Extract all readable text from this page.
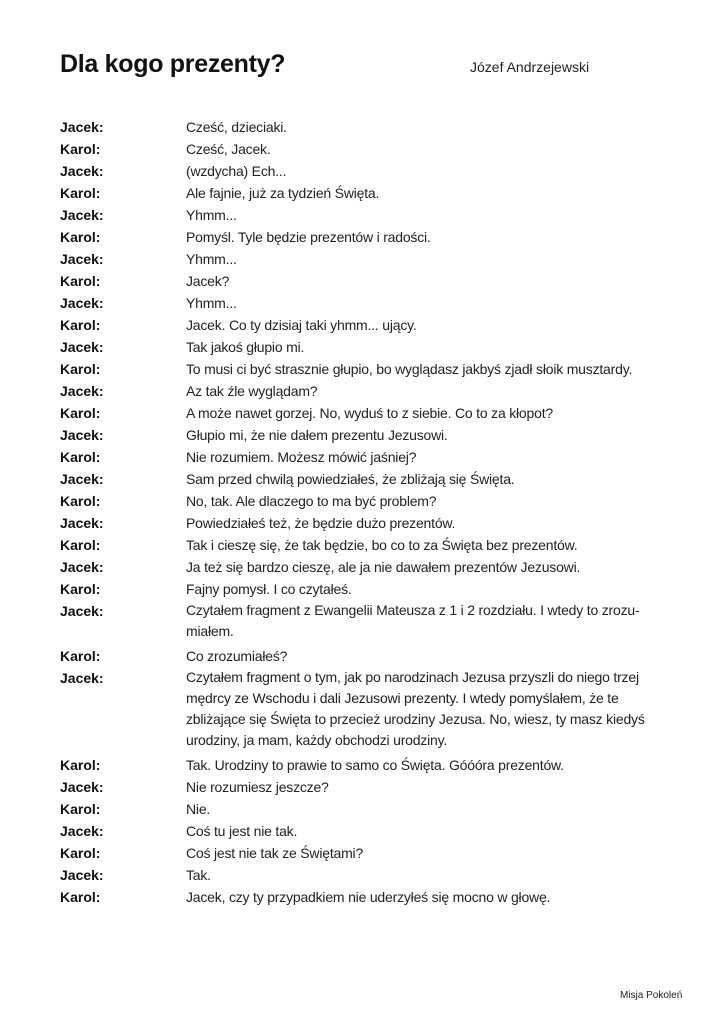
Dla kogo prezenty?	Józef Andrzejewski
Jacek:	Cześć, dzieciaki.
Karol:	Cześć, Jacek.
Jacek:	(wzdycha) Ech...
Karol:	Ale fajnie, już za tydzień Święta.
Jacek:	Yhmm...
Karol:	Pomyśl. Tyle będzie prezentów i radości.
Jacek:	Yhmm...
Karol:	Jacek?
Jacek:	Yhmm...
Karol:	Jacek. Co ty dzisiaj taki yhmm... ujący.
Jacek:	Tak jakoś głupio mi.
Karol:	To musi ci być strasznie głupio, bo wyglądasz jakbyś zjadł słoik musztardy.
Jacek:	Az tak źle wyglądam?
Karol:	A może nawet gorzej. No, wyduś to z siebie. Co to za kłopot?
Jacek:	Głupio mi, że nie dałem prezentu Jezusowi.
Karol:	Nie rozumiem. Możesz mówić jaśniej?
Jacek:	Sam przed chwilą powiedziałeś, że zbliżają się Święta.
Karol:	No, tak. Ale dlaczego to ma być problem?
Jacek:	Powiedziałeś też, że będzie dużo prezentów.
Karol:	Tak i cieszę się, że tak będzie, bo co to za Święta bez prezentów.
Jacek:	Ja też się bardzo cieszę, ale ja nie dawałem prezentów Jezusowi.
Karol:	Fajny pomysł. I co czytałeś.
Jacek:	Czytałem fragment z Ewangelii Mateusza z 1 i 2 rozdziału. I wtedy to zrozu-miałem.
Karol:	Co zrozumiałeś?
Jacek:	Czytałem fragment o tym, jak po narodzinach Jezusa przyszli do niego trzej mędrcy ze Wschodu i dali Jezusowi prezenty. I wtedy pomyślałem, że te zbliżające się Święta to przecież urodziny Jezusa. No, wiesz, ty masz kiedyś urodziny, ja mam, każdy obchodzi urodziny.
Karol:	Tak. Urodziny to prawie to samo co Święta. Góóóra prezentów.
Jacek:	Nie rozumiesz jeszcze?
Karol:	Nie.
Jacek:	Coś tu jest nie tak.
Karol:	Coś jest nie tak ze Świętami?
Jacek:	Tak.
Karol:	Jacek, czy ty przypadkiem nie uderzyłeś się mocno w głowę.
Misja Pokoleń
